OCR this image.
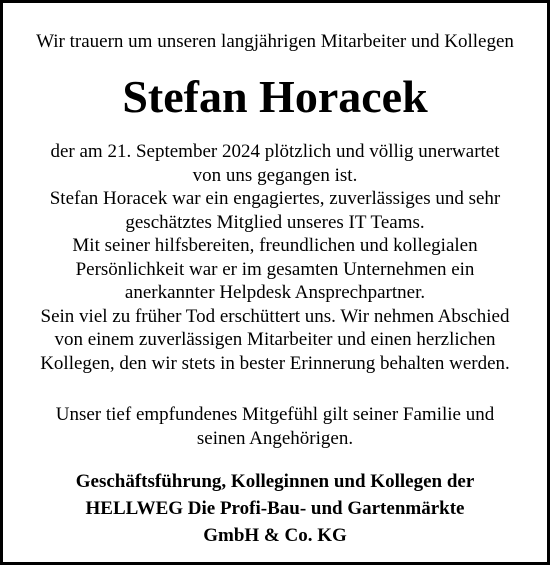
Wir trauern um unseren langjährigen Mitarbeiter und Kollegen

Stefan Horacek

der am 21. September 2024 plötzlich und völlig unerwartet
von uns gegangen ist.
Stefan Horacek war ein engagiertes, zuverlässiges und sehr
geschätztes Mitglied unseres IT Teams.
Mit seiner hilfsbereiten, freundlichen und kollegialen
Persönlichkeit war er im gesamten Unternehmen ein
anerkannter Helpdesk Ansprechpartner.
Sein viel zu früher Tod erschüttert uns. Wir nehmen Abschied
von einem zuverlässigen Mitarbeiter und einen herzlichen
Kollegen, den wir stets in bester Erinnerung behalten werden.

Unser tief empfundenes Mitgefühl gilt seiner Familie und
seinen Angehörigen.

Geschäftsführung, Kolleginnen und Kollegen der
HELLWEG Die Profi-Bau- und Gartenmärkte
GmbH & Co. KG
